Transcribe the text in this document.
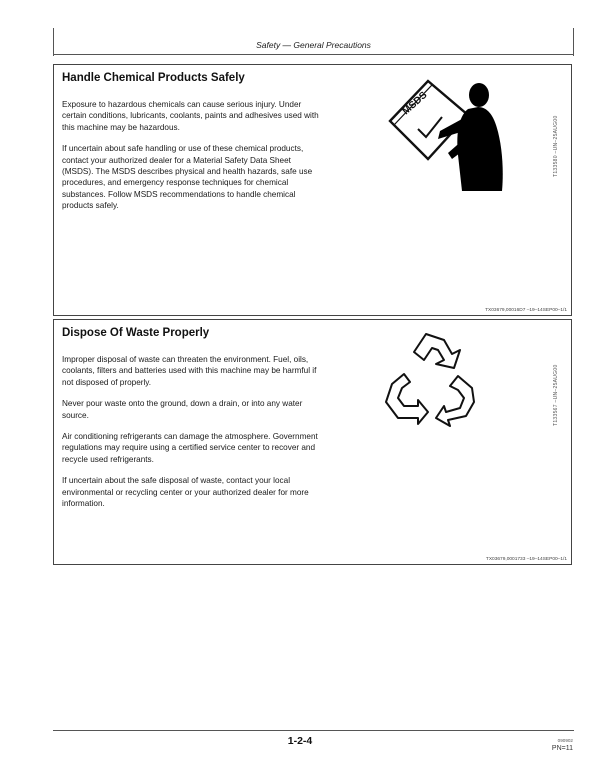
Safety — General Precautions
Handle Chemical Products Safely

Exposure to hazardous chemicals can cause serious injury. Under certain conditions, lubricants, coolants, paints and adhesives used with this machine may be hazardous.

If uncertain about safe handling or use of these chemical products, contact your authorized dealer for a Material Safety Data Sheet (MSDS). The MSDS describes physical and health hazards, safe use procedures, and emergency response techniques for chemical substances. Follow MSDS recommendations to handle chemical products safely.

MSDS
T133580 –UN–25AUG00
TX03679,00016D7 –19–14SEP00–1/1
Dispose Of Waste Properly

Improper disposal of waste can threaten the environment. Fuel, oils, coolants, filters and batteries used with this machine may be harmful if not disposed of properly.

Never pour waste onto the ground, down a drain, or into any water source.

Air conditioning refrigerants can damage the atmosphere. Government regulations may require using a certified service center to recover and recycle used refrigerants.

If uncertain about the safe disposal of waste, contact your local environmental or recycling center or your authorized dealer for more information.

T133567 –UN–25AUG00
TX03679,0001733 –19–14SEP00–1/1
1-2-4	090902
PN=11
